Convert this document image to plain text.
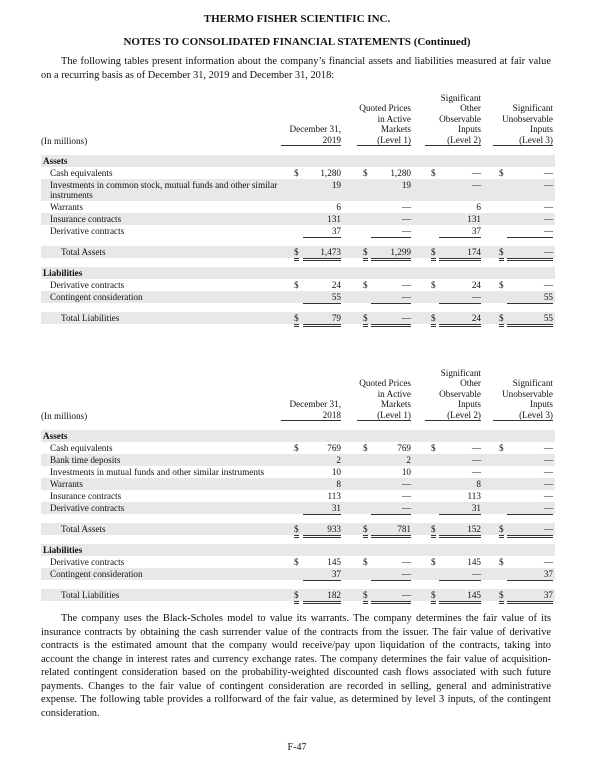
THERMO FISHER SCIENTIFIC INC.
NOTES TO CONSOLIDATED FINANCIAL STATEMENTS (Continued)
The following tables present information about the company’s financial assets and liabilities measured at fair value on a recurring basis as of December 31, 2019 and December 31, 2018:
(In millions)
December 31,
2019
Quoted Prices in Active Markets
(Level 1)
Significant Other Observable Inputs
(Level 2)
Significant Unobservable Inputs
(Level 3)
Assets
Cash equivalents	$	1,280 $	1,280 $	— $	—
Investments in common stock, mutual funds and other similar instruments
19	19	—	—
Warrants	6	—	6	—
Insurance contracts	131	—	131	—
Derivative contracts	37	—	37	—
Total Assets	$	1,473 $	1,299 $	174 $	—
Liabilities
Derivative contracts	$	24 $	— $	24 $	—
Contingent consideration	55	—	—	55
Total Liabilities	$	79 $	— $	24 $	55
(In millions)
December 31,
2018
Quoted Prices in Active Markets
(Level 1)
Significant Other Observable Inputs
(Level 2)
Significant Unobservable Inputs
(Level 3)
Assets
Cash equivalents	$	769 $	769 $	— $	—
Bank time deposits	2	2	—	—
Investments in mutual funds and other similar instruments	10	10	—	—
Warrants	8	—	8	—
Insurance contracts	113	—	113	—
Derivative contracts	31	—	31	—
Total Assets	$	933 $	781 $	152 $	—
Liabilities
Derivative contracts	$	145 $	— $	145 $	—
Contingent consideration	37	—	—	37
Total Liabilities	$	182 $	— $	145 $	37
The company uses the Black-Scholes model to value its warrants. The company determines the fair value of its insurance contracts by obtaining the cash surrender value of the contracts from the issuer. The fair value of derivative contracts is the estimated amount that the company would receive/pay upon liquidation of the contracts, taking into account the change in interest rates and currency exchange rates. The company determines the fair value of acquisition-related contingent consideration based on the probability-weighted discounted cash flows associated with such future payments. Changes to the fair value of contingent consideration are recorded in selling, general and administrative expense. The following table provides a rollforward of the fair value, as determined by level 3 inputs, of the contingent consideration.
F-47
